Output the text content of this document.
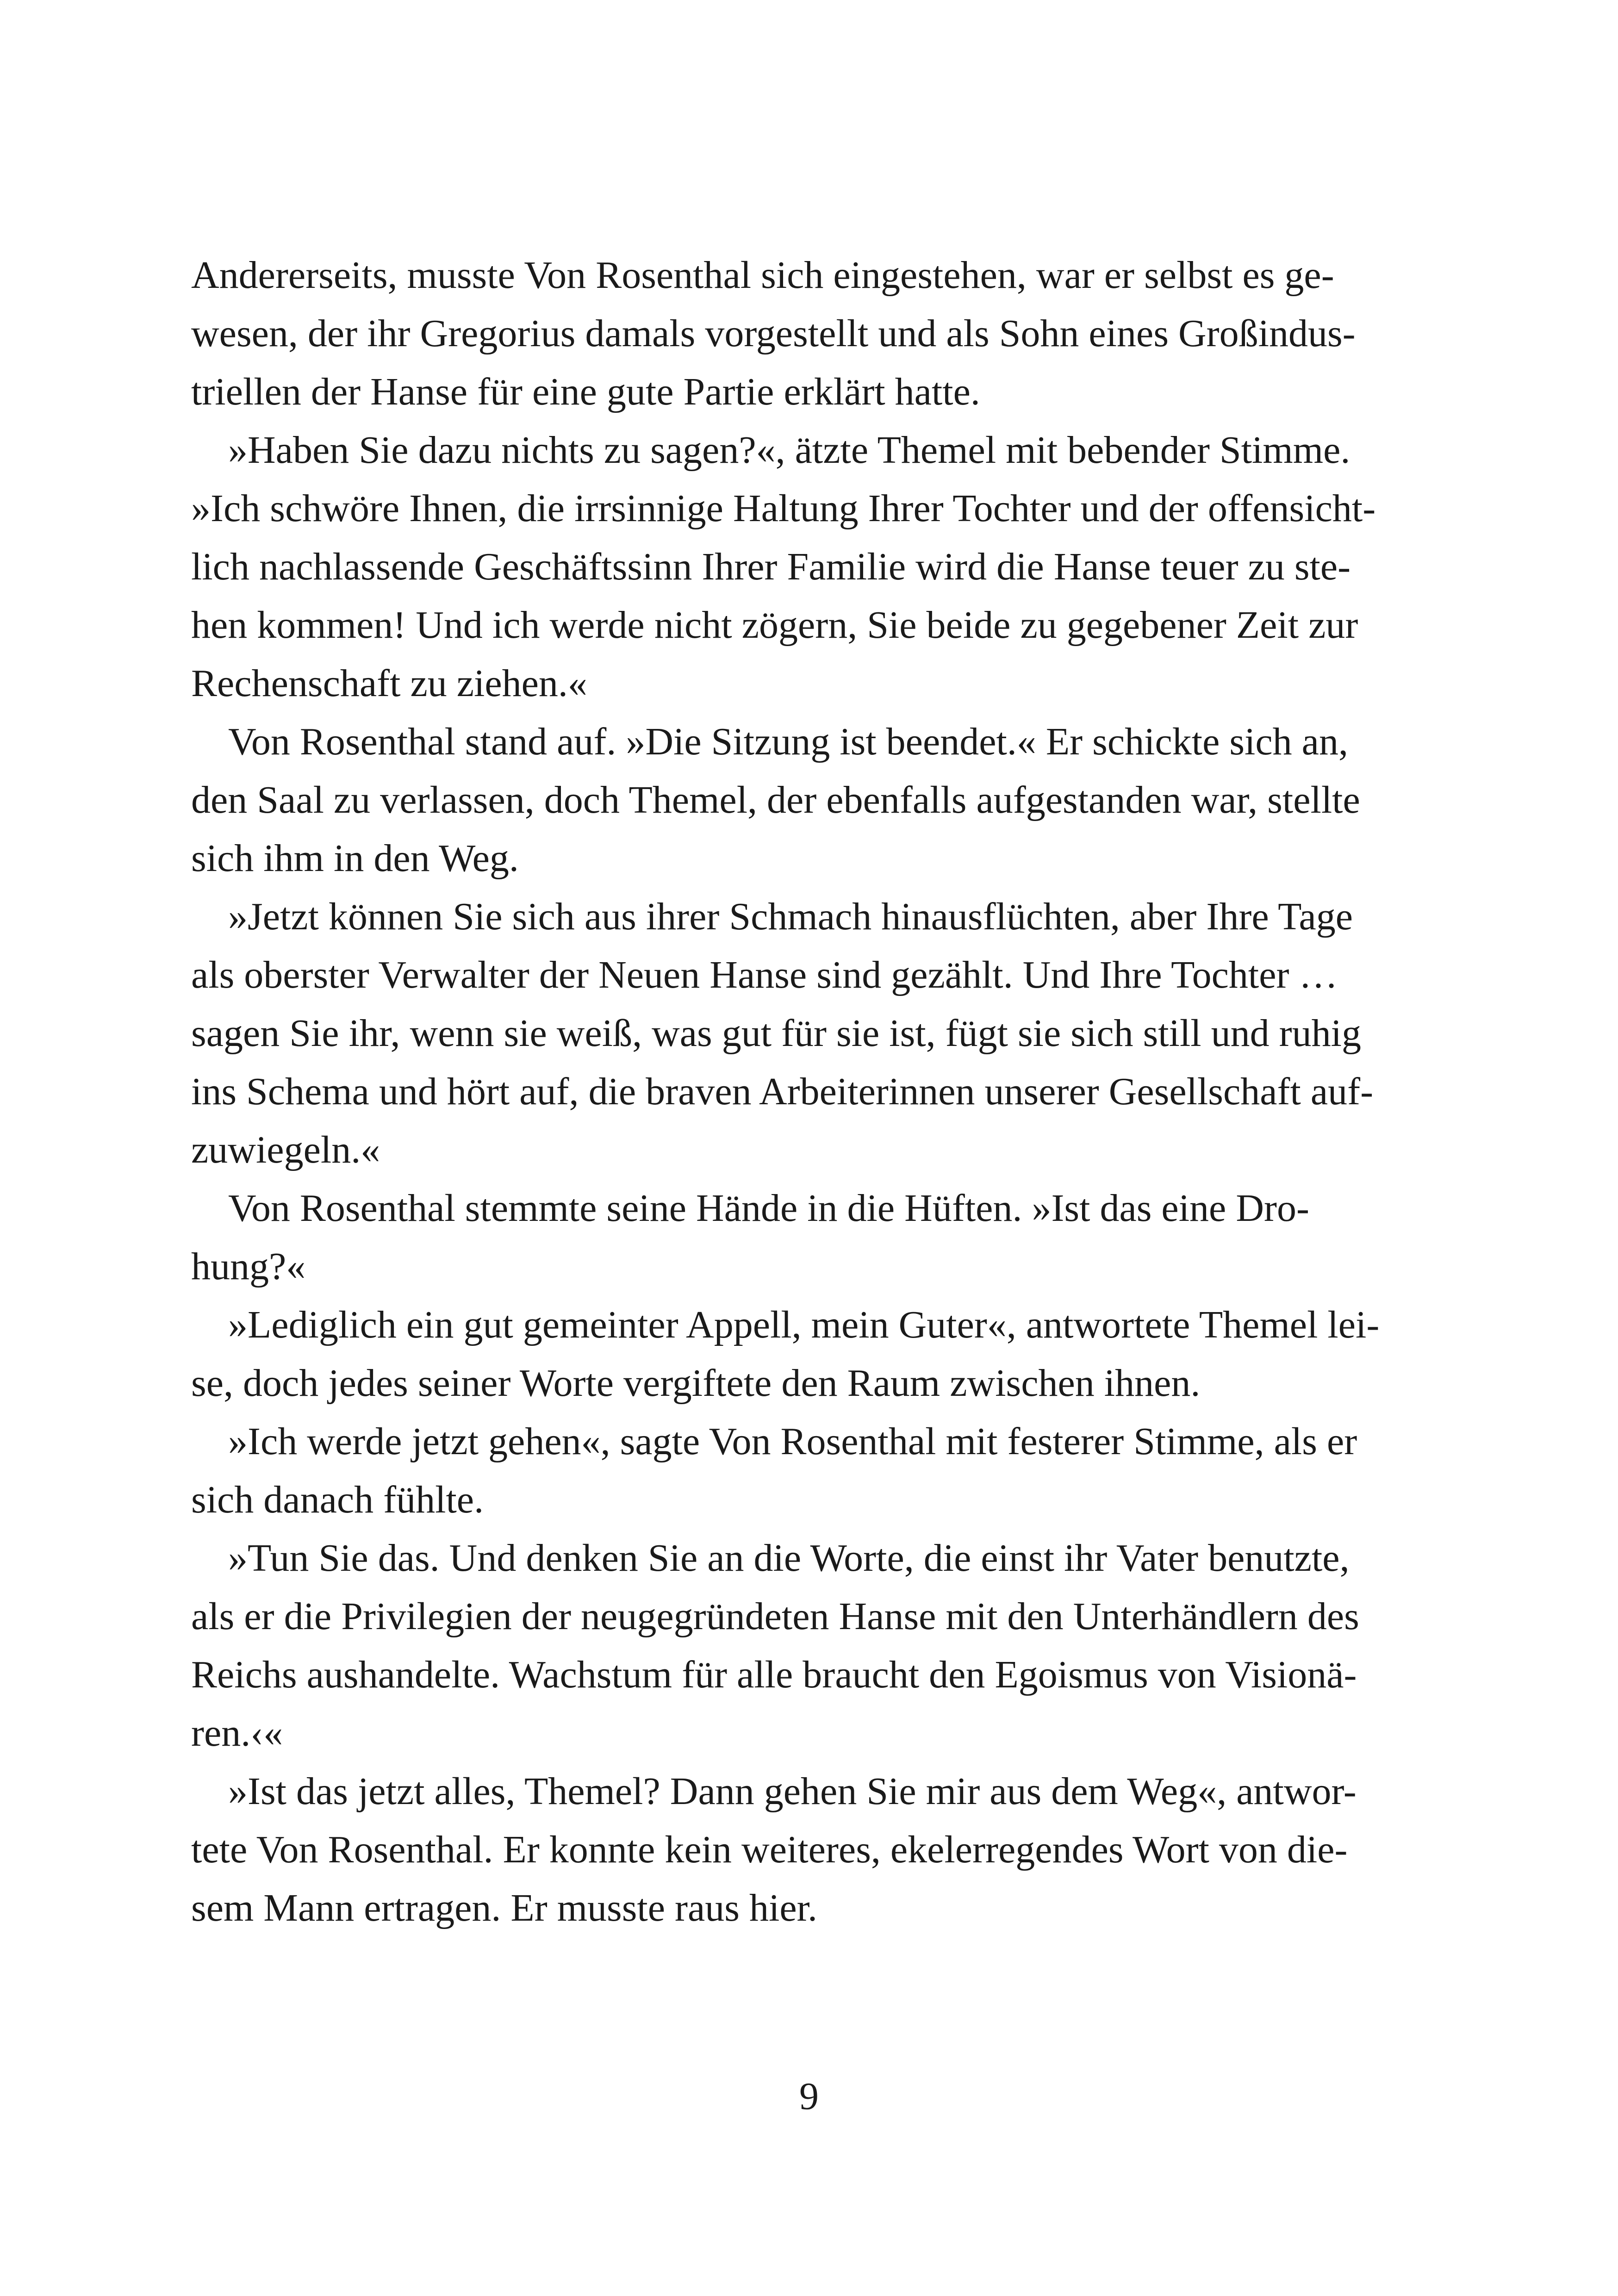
Andererseits, musste Von Rosenthal sich eingestehen, war er selbst es ge-

wesen, der ihr Gregorius damals vorgestellt und als Sohn eines Großindus-

triellen der Hanse für eine gute Partie erklärt hatte.

»Haben Sie dazu nichts zu sagen?«, ätzte Themel mit bebender Stimme.

»Ich schwöre Ihnen, die irrsinnige Haltung Ihrer Tochter und der offensicht-

lich nachlassende Geschäftssinn Ihrer Familie wird die Hanse teuer zu ste-

hen kommen! Und ich werde nicht zögern, Sie beide zu gegebener Zeit zur

Rechenschaft zu ziehen.«

Von Rosenthal stand auf. »Die Sitzung ist beendet.« Er schickte sich an,

den Saal zu verlassen, doch Themel, der ebenfalls aufgestanden war, stellte

sich ihm in den Weg.

»Jetzt können Sie sich aus ihrer Schmach hinausflüchten, aber Ihre Tage

als oberster Verwalter der Neuen Hanse sind gezählt. Und Ihre Tochter …

sagen Sie ihr, wenn sie weiß, was gut für sie ist, fügt sie sich still und ruhig

ins Schema und hört auf, die braven Arbeiterinnen unserer Gesellschaft auf-

zuwiegeln.«

Von Rosenthal stemmte seine Hände in die Hüften. »Ist das eine Dro-

hung?«

»Lediglich ein gut gemeinter Appell, mein Guter«, antwortete Themel lei-

se, doch jedes seiner Worte vergiftete den Raum zwischen ihnen.

»Ich werde jetzt gehen«, sagte Von Rosenthal mit festerer Stimme, als er

sich danach fühlte.

»Tun Sie das. Und denken Sie an die Worte, die einst ihr Vater benutzte,

als er die Privilegien der neugegründeten Hanse mit den Unterhändlern des

Reichs aushandelte. Wachstum für alle braucht den Egoismus von Visionä-

ren.‹«

»Ist das jetzt alles, Themel? Dann gehen Sie mir aus dem Weg«, antwor-

tete Von Rosenthal. Er konnte kein weiteres, ekelerregendes Wort von die-

sem Mann ertragen. Er musste raus hier.

9
